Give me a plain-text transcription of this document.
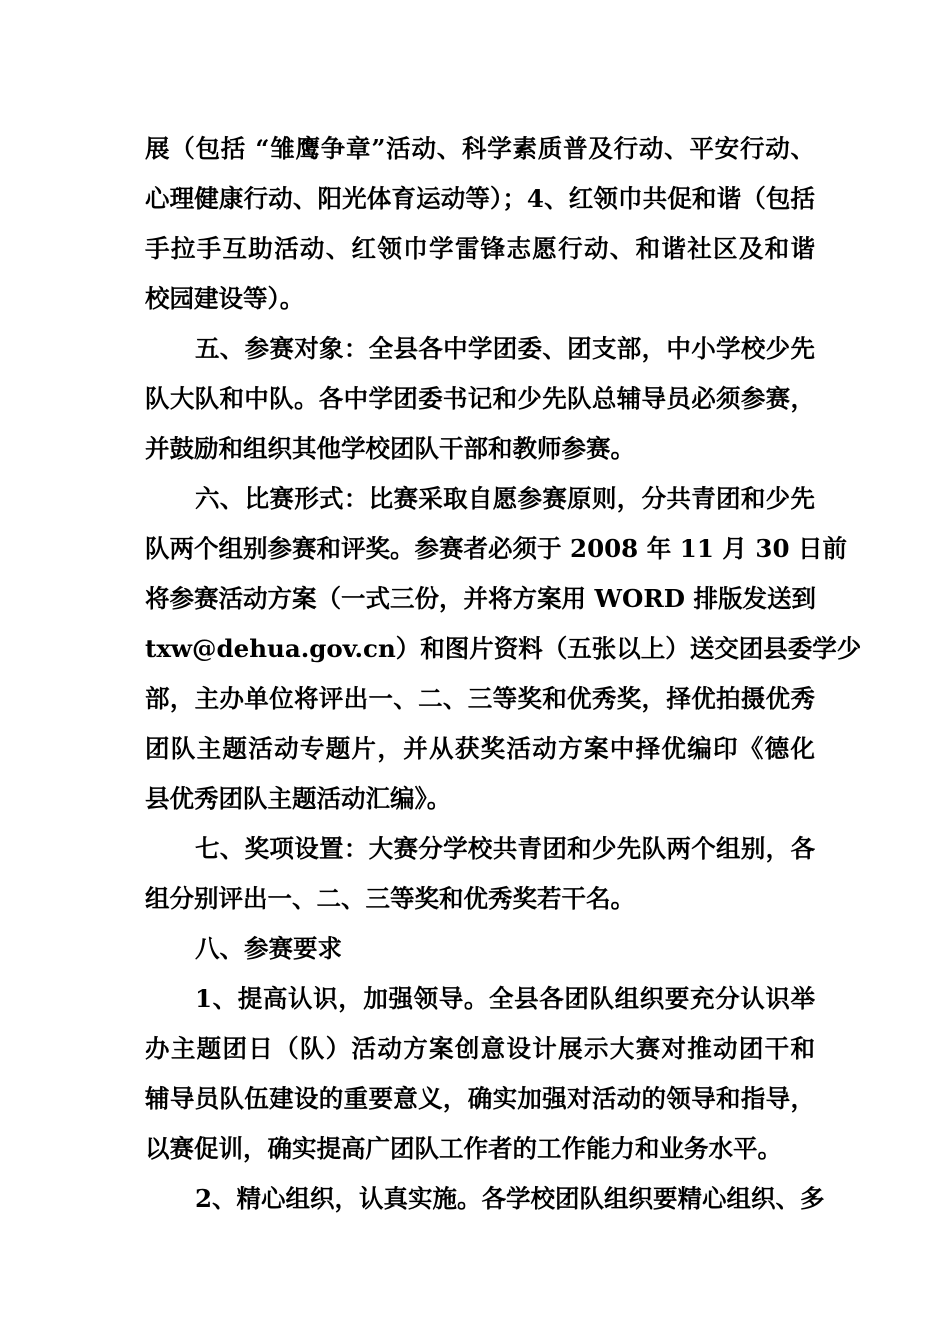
展（包括 “雏鹰争章”活动、科学素质普及行动、平安行动、
心理健康行动、阳光体育运动等）；4、红领巾共促和谐（包括
手拉手互助活动、红领巾学雷锋志愿行动、和谐社区及和谐
校园建设等）。
五、参赛对象：全县各中学团委、团支部，中小学校少先
队大队和中队。各中学团委书记和少先队总辅导员必须参赛，
并鼓励和组织其他学校团队干部和教师参赛。
六、比赛形式：比赛采取自愿参赛原则，分共青团和少先
队两个组别参赛和评奖。参赛者必须于 2008 年 11 月 30 日前
将参赛活动方案（一式三份，并将方案用 WORD 排版发送到
txw@dehua.gov.cn）和图片资料（五张以上）送交团县委学少
部，主办单位将评出一、二、三等奖和优秀奖，择优拍摄优秀
团队主题活动专题片，并从获奖活动方案中择优编印《德化
县优秀团队主题活动汇编》。
七、奖项设置：大赛分学校共青团和少先队两个组别，各
组分别评出一、二、三等奖和优秀奖若干名。
八、参赛要求
1、提高认识，加强领导。全县各团队组织要充分认识举
办主题团日（队）活动方案创意设计展示大赛对推动团干和
辅导员队伍建设的重要意义，确实加强对活动的领导和指导，
以赛促训，确实提高广团队工作者的工作能力和业务水平。
2、精心组织，认真实施。各学校团队组织要精心组织、多
